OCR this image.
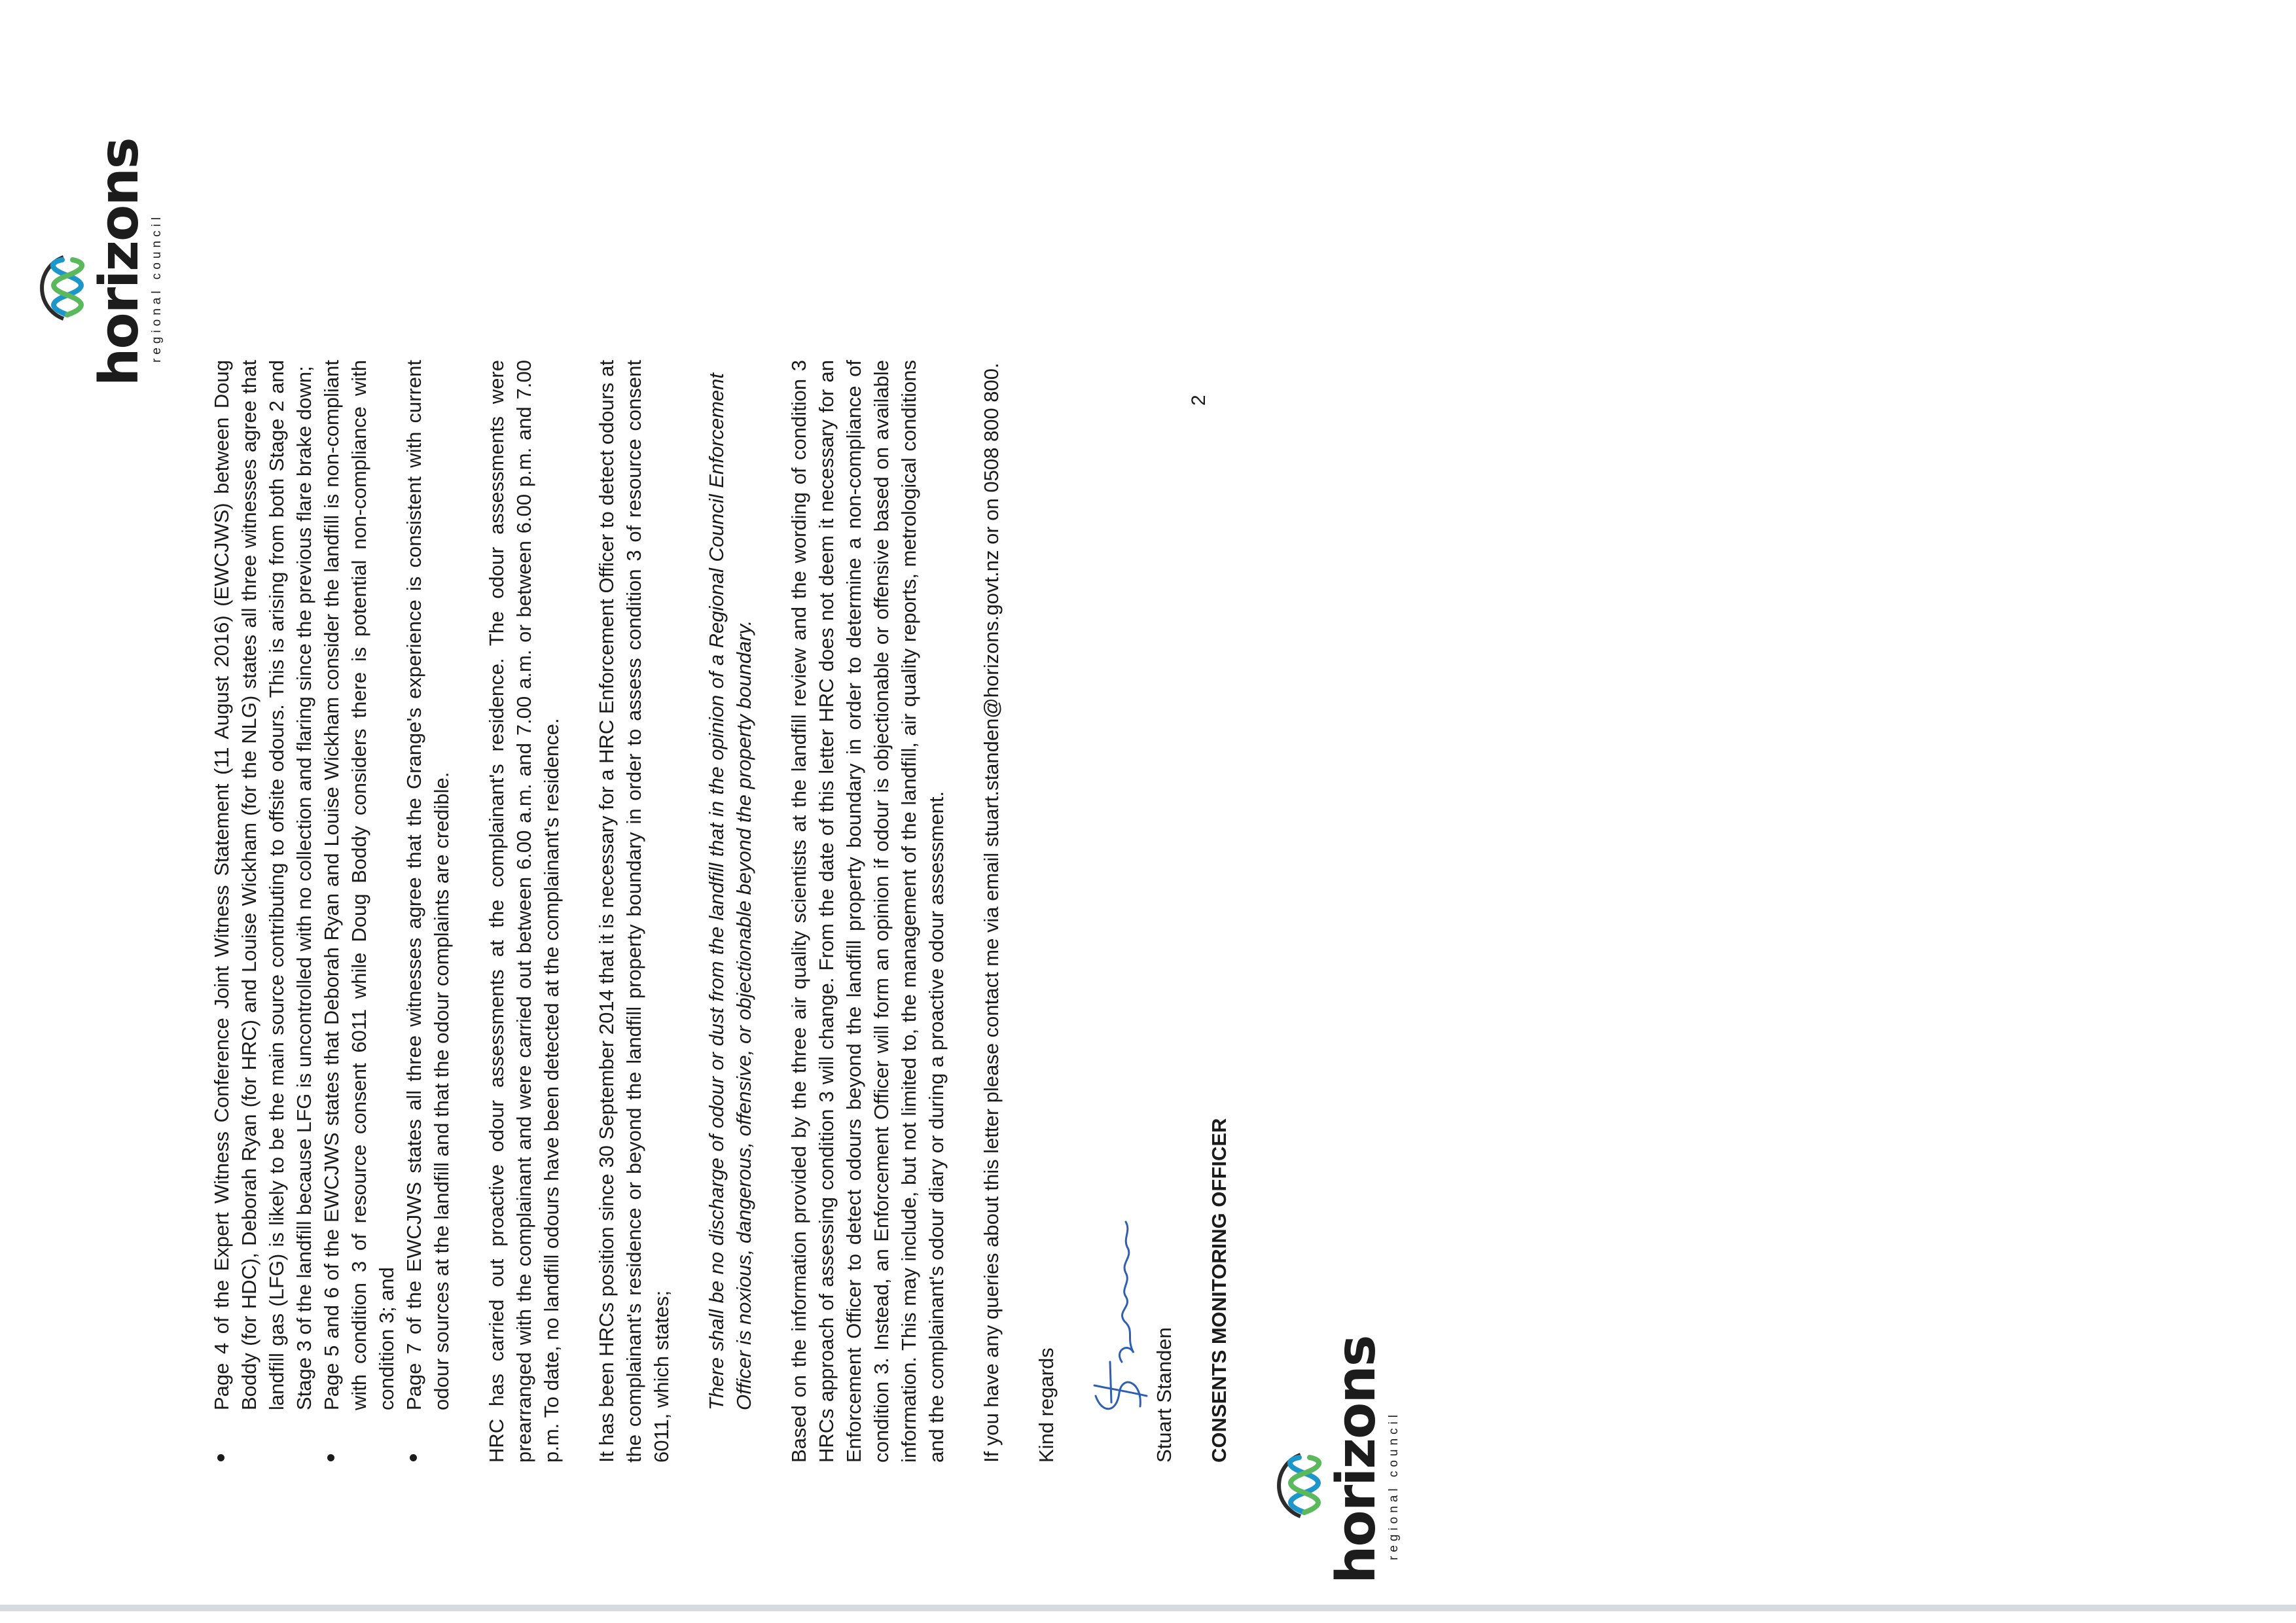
horizons regional council
Page 4 of the Expert Witness Conference Joint Witness Statement (11 August 2016) (EWCJWS) between Doug Boddy (for HDC), Deborah Ryan (for HRC) and Louise Wickham (for the NLG) states all three witnesses agree that landfill gas (LFG) is likely to be the main source contributing to offsite odours. This is arising from both Stage 2 and Stage 3 of the landfill because LFG is uncontrolled with no collection and flaring since the previous flare brake down; Page 5 and 6 of the EWCJWS states that Deborah Ryan and Louise Wickham consider the landfill is non-compliant with condition 3 of resource consent 6011 while Doug Boddy considers there is potential non-compliance with condition 3; and Page 7 of the EWCJWS states all three witnesses agree that the Grange's experience is consistent with current odour sources at the landfill and that the odour complaints are credible. HRC has carried out proactive odour assessments at the complainant's residence. The odour assessments were prearranged with the complainant and were carried out between 6.00 a.m. and 7.00 a.m. or between 6.00 p.m. and 7.00 p.m. To date, no landfill odours have been detected at the complainant's residence. It has been HRCs position since 30 September 2014 that it is necessary for a HRC Enforcement Officer to detect odours at the complainant's residence or beyond the landfill property boundary in order to assess condition 3 of resource consent 6011, which states; There shall be no discharge of odour or dust from the landfill that in the opinion of a Regional Council Enforcement Officer is noxious, dangerous, offensive, or objectionable beyond the property boundary. Based on the information provided by the three air quality scientists at the landfill review and the wording of condition 3 HRCs approach of assessing condition 3 will change. From the date of this letter HRC does not deem it necessary for an Enforcement Officer to detect odours beyond the landfill property boundary in order to determine a non-compliance of condition 3. Instead, an Enforcement Officer will form an opinion if odour is objectionable or offensive based on available information. This may include, but not limited to, the management of the landfill, air quality reports, metrological conditions and the complainant's odour diary or during a proactive odour assessment. If you have any queries about this letter please contact me via email stuart.standen@horizons.govt.nz or on 0508 800 800. Kind regards	Stuart Standen CONSENTS MONITORING OFFICER

2
horizons regional council
